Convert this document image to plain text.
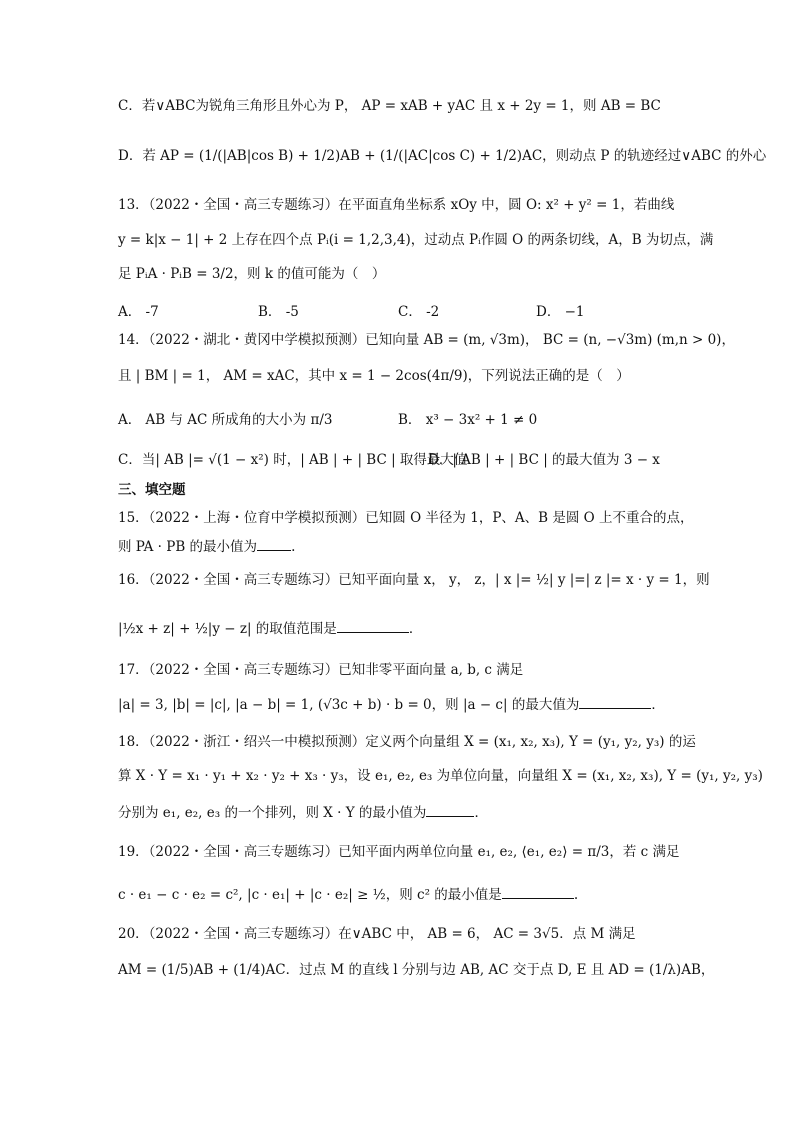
C．若∨ABC为锐角三角形且外心为 P， AP = xAB + yAC 且 x + 2y = 1，则 AB = BC
D．若 AP = (1/(|AB|cos B) + 1/2)AB + (1/(|AC|cos C) + 1/2)AC，则动点 P 的轨迹经过∨ABC 的外心
13．（2022・全国・高三专题练习）在平面直角坐标系 xOy 中，圆 O: x² + y² = 1，若曲线
y = k|x − 1| + 2 上存在四个点 Pᵢ(i = 1,2,3,4)，过动点 Pᵢ作圆 O 的两条切线，A，B 为切点，满
足 PᵢA · PᵢB = 3/2，则 k 的值可能为（　）
A． -7	B． -5	C． -2	D． −1
14．（2022・湖北・黄冈中学模拟预测）已知向量 AB = (m, √3m)， BC = (n, −√3m) (m,n > 0)，
且 | BM | = 1， AM = xAC，其中 x = 1 − 2cos(4π/9)，下列说法正确的是（　）
A． AB 与 AC 所成角的大小为 π/3	B． x³ − 3x² + 1 ≠ 0
C．当| AB |= √(1 − x²) 时，| AB | + | BC | 取得最大值
D．| AB | + | BC | 的最大值为 3 − x
三、填空题
15．（2022・上海・位育中学模拟预测）已知圆 O 半径为 1，P、A、B 是圆 O 上不重合的点，
则 PA · PB 的最小值为	.
16．（2022・全国・高三专题练习）已知平面向量 x， y， z，| x |= ½| y |=| z |= x · y = 1，则
|½x + z| + ½|y − z| 的取值范围是	．
17．（2022・全国・高三专题练习）已知非零平面向量 a, b, c 满足
|a| = 3, |b| = |c|, |a − b| = 1, (√3c + b) · b = 0，则 |a − c| 的最大值为	．
18．（2022・浙江・绍兴一中模拟预测）定义两个向量组 X = (x₁, x₂, x₃), Y = (y₁, y₂, y₃) 的运
算 X · Y = x₁ · y₁ + x₂ · y₂ + x₃ · y₃，设 e₁, e₂, e₃ 为单位向量，向量组 X = (x₁, x₂, x₃), Y = (y₁, y₂, y₃)
分别为 e₁, e₂, e₃ 的一个排列，则 X · Y 的最小值为	．
19．（2022・全国・高三专题练习）已知平面内两单位向量 e₁, e₂, ⟨e₁, e₂⟩ = π/3，若 c 满足
c · e₁ − c · e₂ = c², |c · e₁| + |c · e₂| ≥ ½，则 c² 的最小值是	.
20．（2022・全国・高三专题练习）在∨ABC 中， AB = 6， AC = 3√5．点 M 满足
AM = (1/5)AB + (1/4)AC．过点 M 的直线 l 分别与边 AB, AC 交于点 D, E 且 AD = (1/λ)AB，
